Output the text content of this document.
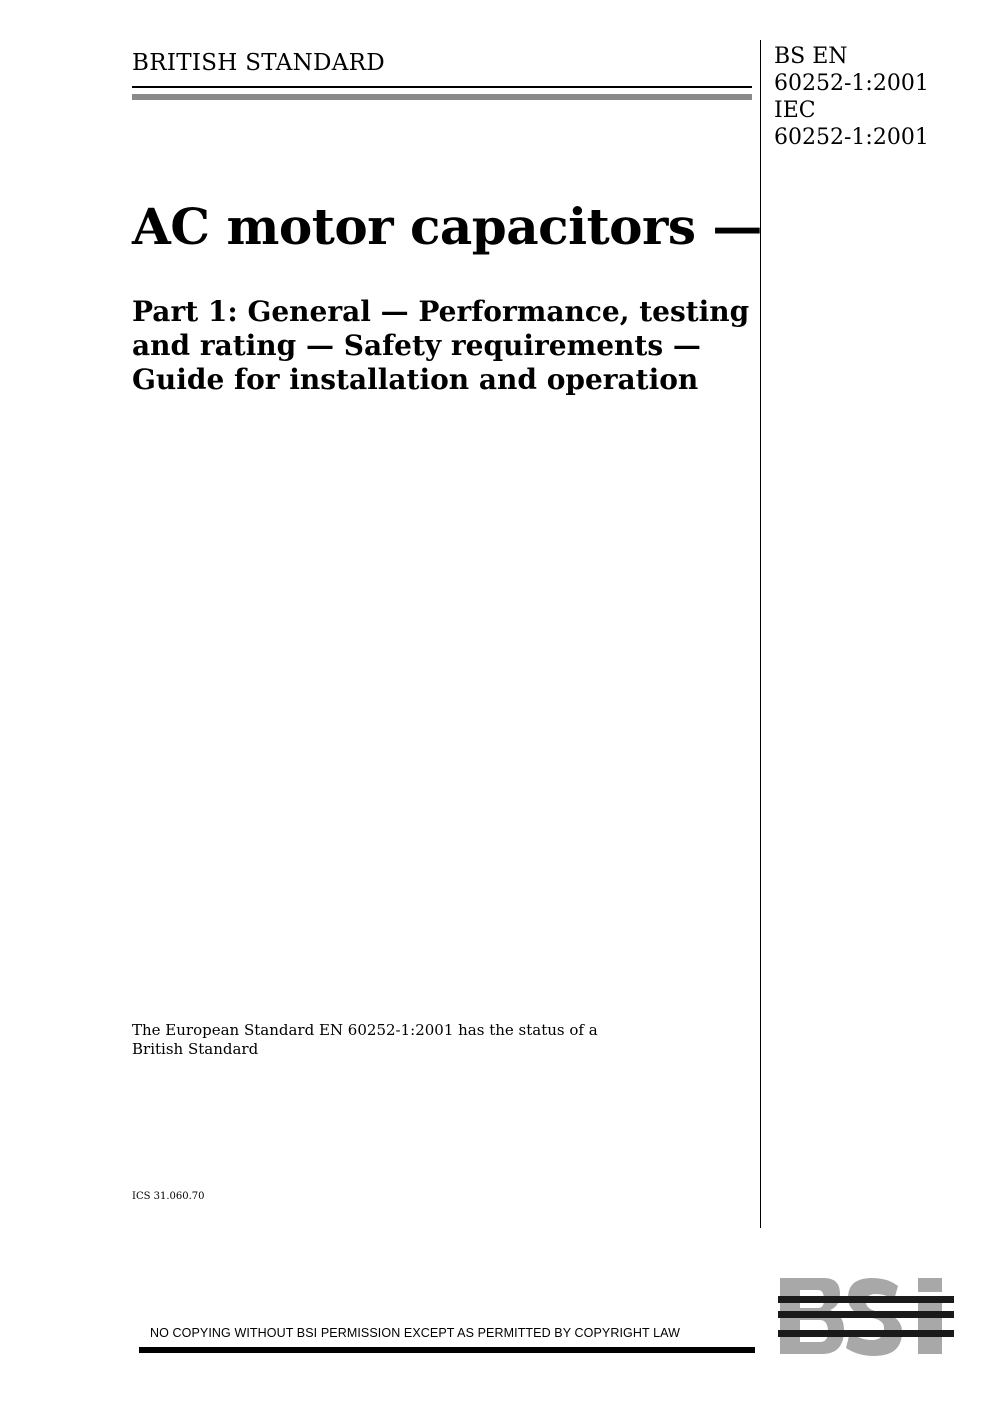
BRITISH STANDARD	BS EN
60252-1:2001
IEC
60252-1:2001
AC motor capacitors —
Part 1: General — Performance, testing
and rating — Safety requirements —
Guide for installation and operation
The European Standard EN 60252-1:2001 has the status of a
British Standard
ICS 31.060.70
NO COPYING WITHOUT BSI PERMISSION EXCEPT AS PERMITTED BY COPYRIGHT LAW
